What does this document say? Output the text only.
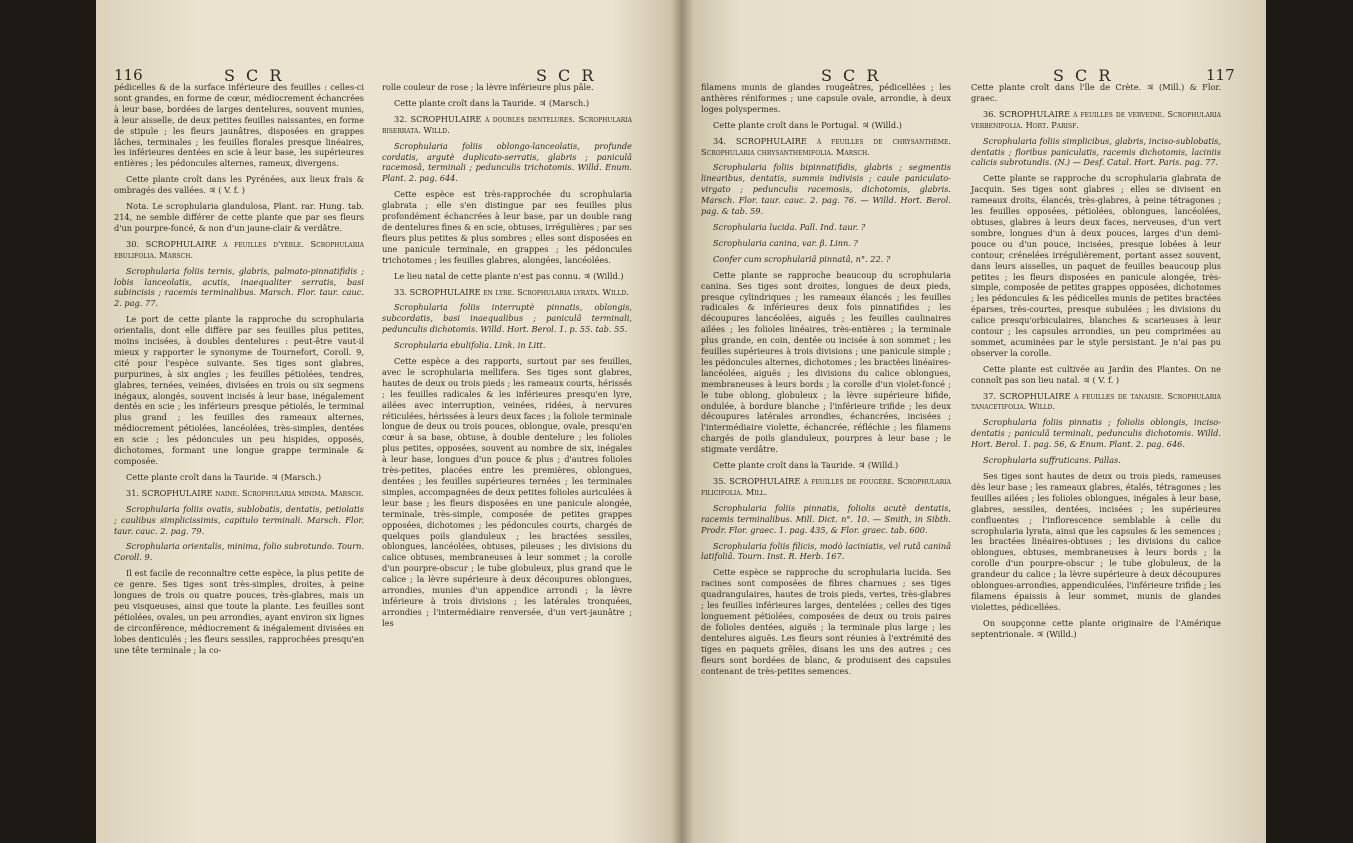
116	S C R	S C R

pédicelles & de la surface inférieure des feuilles : celles-ci sont grandes, en forme de cœur, médiocrement échancrées à leur base, bordées de larges dentelures, souvent munies, à leur aisselle, de deux petites feuilles naissantes, en forme de stipule ; les fleurs jaunâtres, disposées en grappes lâches, terminales ; les feuilles florales presque linéaires, les inférieures dentées en scie à leur base, les supérieures entières ; les pédoncules alternes, rameux, divergens.

Cette plante croît dans les Pyrénées, aux lieux frais & ombragés des vallées. ♃ ( V. f. )

Nota. Le scrophularia glandulosa, Plant. rar. Hung. tab. 214, ne semble différer de cette plante que par ses fleurs d'un pourpre-foncé, & non d'un jaune-clair & verdâtre.

30. SCROPHULAIRE à feuilles d'yèble. Scrophularia ebulifolia. Marsch.

Scrophularia foliis ternis, glabris, palmato-pinnatifidis ; lobis lanceolatis, acutis, inaequaliter serratis, basi subincisis ; racemis terminalibus. Marsch. Flor. taur. cauc. 2. pag. 77.

Le port de cette plante la rapproche du scrophularia orientalis, dont elle diffère par ses feuilles plus petites, moins incisées, à doubles dentelures : peut-être vaut-il mieux y rapporter le synonyme de Tournefort, Coroll. 9, cité pour l'espèce suivante. Ses tiges sont glabres, purpurines, à six angles ; les feuilles pétiolées, tendres, glabres, ternées, veinées, divisées en trois ou six segmens inégaux, alongés, souvent incisés à leur base, inégalement dentés en scie ; les inférieurs presque pétiolés, le terminal plus grand ; les feuilles des rameaux alternes, médiocrement pétiolées, lancéolées, très-simples, dentées en scie ; les pédoncules un peu hispides, opposés, dichotomes, formant une longue grappe terminale & composée.

Cette plante croît dans la Tauride. ♃ (Marsch.)

31. SCROPHULAIRE naine. Scrophularia minima. Marsch.

Scrophularia foliis ovatis, sublobatis, dentatis, petiolatis ; caulibus simplicissimis, capitulo terminali. Marsch. Flor. taur. cauc. 2. pag. 79.

Scrophularia orientalis, minima, folio subrotundo. Tourn. Coroll. 9.

Il est facile de reconnaître cette espèce, la plus petite de ce genre. Ses tiges sont très-simples, droites, à peine longues de trois ou quatre pouces, très-glabres, mais un peu visqueuses, ainsi que toute la plante. Les feuilles sont pétiolées, ovales, un peu arrondies, ayant environ six lignes de circonférence, médiocrement & inégalement divisées en lobes denticulés ; les fleurs sessiles, rapprochées presqu'en une tête terminale ; la co-

rolle couleur de rose ; la lèvre inférieure plus pâle.

Cette plante croît dans la Tauride. ♃ (Marsch.)

32. SCROPHULAIRE à doubles dentelures. Scrophularia biserrata. Willd.

Scrophularia foliis oblongo-lanceolatis, profunde cordatis, argutè duplicato-serratis, glabris ; paniculâ racemosâ, terminali ; pedunculis trichotomis. Willd. Enum. Plant. 2. pag. 644.

Cette espèce est très-rapprochée du scrophularia glabrata ; elle s'en distingue par ses feuilles plus profondément échancrées à leur base, par un double rang de dentelures fines & en scie, obtuses, irrégulières ; par ses fleurs plus petites & plus sombres ; elles sont disposées en une panicule terminale, en grappes ; les pédoncules trichotomes ; les feuilles glabres, alongées, lancéolées.

Le lieu natal de cette plante n'est pas connu. ♃ (Willd.)

33. SCROPHULAIRE en lyre. Scrophularia lyrata. Willd.

Scrophularia foliis interruptè pinnatis, oblongis, subcordatis, basi inaequalibus ; paniculâ terminali, pedunculis dichotomis. Willd. Hort. Berol. 1. p. 55. tab. 55.

Scrophularia ebulifolia. Link. in Litt.

Cette espèce a des rapports, surtout par ses feuilles, avec le scrophularia mellifera. Ses tiges sont glabres, hautes de deux ou trois pieds ; les rameaux courts, hérissés ; les feuilles radicales & les inférieures presqu'en lyre, ailées avec interruption, veinées, ridées, à nervures réticulées, hérissées à leurs deux faces ; la foliole terminale longue de deux ou trois pouces, oblongue, ovale, presqu'en cœur à sa base, obtuse, à double dentelure ; les folioles plus petites, opposées, souvent au nombre de six, inégales à leur base, longues d'un pouce & plus ; d'autres folioles très-petites, placées entre les premières, oblongues, dentées ; les feuilles supérieures ternées ; les terminales simples, accompagnées de deux petites folioles auriculées à leur base ; les fleurs disposées en une panicule alongée, terminale, très-simple, composée de petites grappes opposées, dichotomes ; les pédoncules courts, chargés de quelques poils glanduleux ; les bractées sessiles, oblongues, lancéolées, obtuses, pileuses ; les divisions du calice obtuses, membraneuses à leur sommet ; la corolle d'un pourpre-obscur ; le tube globuleux, plus grand que le calice ; la lèvre supérieure à deux découpures oblongues, arrondies, munies d'un appendice arrondi ; la lèvre inférieure à trois divisions ; les latérales tronquées, arrondies ; l'intermédiaire renversée, d'un vert-jaunâtre ; les

S C R	S C R	117

filamens munis de glandes rougeâtres, pédicellées ; les anthères réniformes ; une capsule ovale, arrondie, à deux loges polyspermes.

Cette plante croît dans le Portugal. ♃ (Willd.)

34. SCROPHULAIRE à feuilles de chrysanthème. Scrophularia chrysanthemifolia. Marsch.

Scrophularia foliis bipinnatifidis, glabris ; segmentis linearibus, dentatis, summis indivisis ; caule paniculato-virgato ; pedunculis racemosis, dichotomis, glabris. Marsch. Flor. taur. cauc. 2. pag. 76. — Willd. Hort. Berol. pag. & tab. 59.

Scrophularia lucida. Pall. Ind. taur. ?

Scrophularia canina, var. β. Linn. ?

Confer cum scrophulariâ pinnatâ, n°. 22. ?

Cette plante se rapproche beaucoup du scrophularia canina. Ses tiges sont droites, longues de deux pieds, presque cylindriques ; les rameaux élancés ; les feuilles radicales & inférieures deux fois pinnatifides ; les découpures lancéolées, aiguës ; les feuilles caulinaires ailées ; les folioles linéaires, très-entières ; la terminale plus grande, en coin, dentée ou incisée à son sommet ; les feuilles supérieures à trois divisions ; une panicule simple ; les pédoncules alternes, dichotomes ; les bractées linéaires-lancéolées, aiguës ; les divisions du calice oblongues, membraneuses à leurs bords ; la corolle d'un violet-foncé ; le tube oblong, globuleux ; la lèvre supérieure bifide, ondulée, à bordure blanche ; l'inférieure trifide ; les deux découpures latérales arrondies, échancrées, incisées ; l'intermédiaire violette, échancrée, réfléchie ; les filamens chargés de poils glanduleux, pourpres à leur base ; le stigmate verdâtre.

Cette plante croît dans la Tauride. ♃ (Willd.)

35. SCROPHULAIRE à feuilles de fougère. Scrophularia filicifolia. Mill.

Scrophularia foliis pinnatis, foliolis acutè dentatis, racemis terminalibus. Mill. Dict. n°. 10. — Smith, in Sibth. Prodr. Flor. graec. 1. pag. 435, & Flor. graec. tab. 600.

Scrophularia foliis filicis, modò laciniatis, vel rutâ caninâ latifoliâ. Tourn. Inst. R. Herb. 167.

Cette espèce se rapproche du scrophularia lucida. Ses racines sont composées de fibres charnues ; ses tiges quadrangulaires, hautes de trois pieds, vertes, très-glabres ; les feuilles inférieures larges, dentelées ; celles des tiges longuement pétiolées, composées de deux ou trois paires de folioles dentées, aiguës ; la terminale plus large ; les dentelures aiguës. Les fleurs sont réunies à l'extrémité des tiges en paquets grêles, disans les uns des autres ; ces fleurs sont bordées de blanc, & produisent des capsules contenant de très-petites semences.

Cette plante croît dans l'île de Crète. ♃ (Mill.) & Flor. graec.

36. SCROPHULAIRE à feuilles de verveine. Scrophularia verbenifolia. Hort. Parisf.

Scrophularia foliis simplicibus, glabris, inciso-sublobatis, dentatis ; floribus paniculatis, racemis dichotomis, laciniis calicis subrotundis. (N.) — Desf. Catal. Hort. Paris. pag. 77.

Cette plante se rapproche du scrophularia glabrata de Jacquin. Ses tiges sont glabres ; elles se divisent en rameaux droits, élancés, très-glabres, à peine tétragones ; les feuilles opposées, pétiolées, oblongues, lancéolées, obtuses, glabres à leurs deux faces, nerveuses, d'un vert sombre, longues d'un à deux pouces, larges d'un demi-pouce ou d'un pouce, incisées, presque lobées à leur contour, crénelées irrégulièrement, portant assez souvent, dans leurs aisselles, un paquet de feuilles beaucoup plus petites ; les fleurs disposées en panicule alongée, très-simple, composée de petites grappes opposées, dichotomes ; les pédoncules & les pédicelles munis de petites bractées éparses, très-courtes, presque subulées ; les divisions du calice presqu'orbiculaires, blanches & scarieuses à leur contour ; les capsules arrondies, un peu comprimées au sommet, acuminées par le style persistant. Je n'ai pas pu observer la corolle.

Cette plante est cultivée au Jardin des Plantes. On ne connoît pas son lieu natal. ♃ ( V. f. )

37. SCROPHULAIRE à feuilles de tanaisie. Scrophularia tanacetifolia. Willd.

Scrophularia foliis pinnatis ; foliolis oblongis, inciso-dentatis ; paniculâ terminali, pedunculis dichotomis. Willd. Hort. Berol. 1. pag. 56, & Enum. Plant. 2. pag. 646.

Scrophularia suffruticans. Pallas.

Ses tiges sont hautes de deux ou trois pieds, rameuses dès leur base ; les rameaux glabres, étalés, tétragones ; les feuilles ailées ; les folioles oblongues, inégales à leur base, glabres, sessiles, dentées, incisées ; les supérieures confluentes ; l'inflorescence semblable à celle du scrophularia lyrata, ainsi que les capsules & les semences ; les bractées linéaires-obtuses ; les divisions du calice oblongues, obtuses, membraneuses à leurs bords ; la corolle d'un pourpre-obscur ; le tube globuleux, de la grandeur du calice ; la lèvre supérieure à deux découpures oblongues-arrondies, appendiculées, l'inférieure trifide ; les filamens épaissis à leur sommet, munis de glandes violettes, pédicellées.

On soupçonne cette plante originaire de l'Amérique septentrionale. ♃ (Willd.)
